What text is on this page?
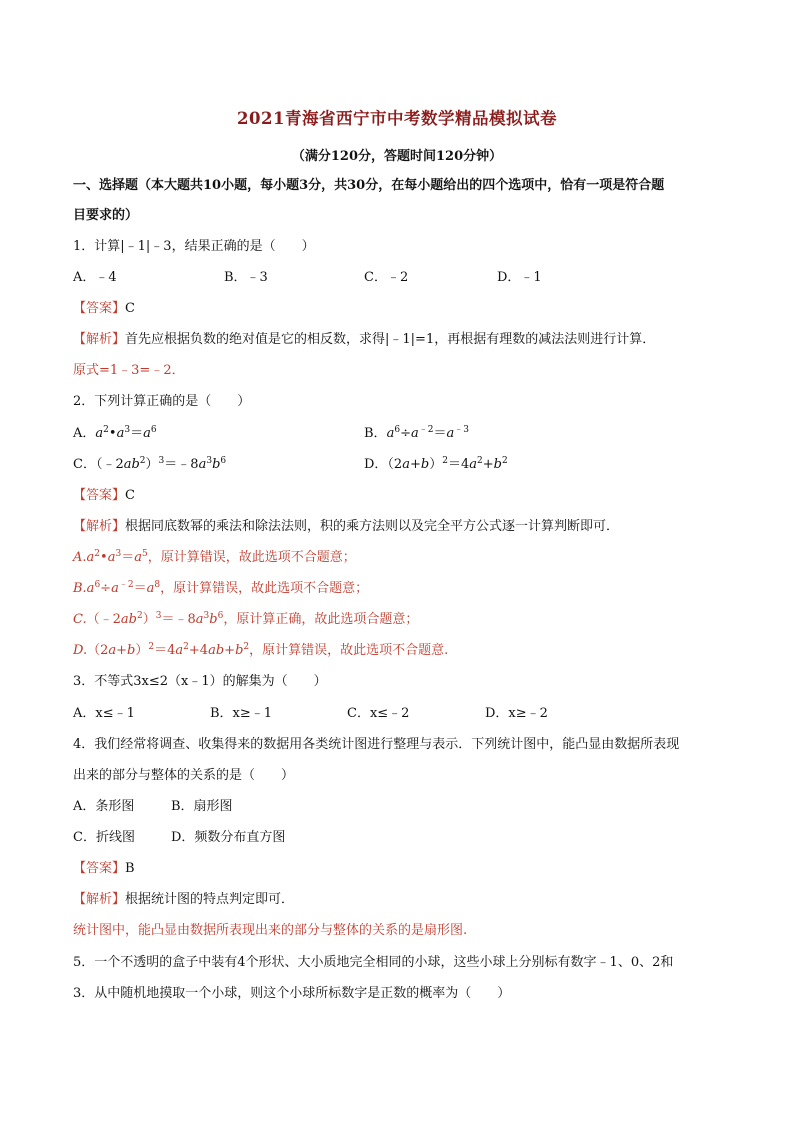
2021青海省西宁市中考数学精品模拟试卷
（满分120分，答题时间120分钟）
一、选择题（本大题共10小题，每小题3分，共30分，在每小题给出的四个选项中，恰有一项是符合题
目要求的）
1．计算|﹣1|﹣3，结果正确的是（　　）
A．﹣4	B．﹣3	C．﹣2	D．﹣1
【答案】C
【解析】首先应根据负数的绝对值是它的相反数，求得|﹣1|=1，再根据有理数的减法法则进行计算．
原式=1﹣3=﹣2．
2．下列计算正确的是（　　）
A．$a^2•a^3=a^6$	B．$a^6\div a^{﹣2}=a^{﹣3}$
C．$(﹣2ab^2)^3=﹣8a^3b^6$	D．$(2a+b)^2=4a^2+b^2$
【答案】C
【解析】根据同底数幂的乘法和除法法则，积的乘方法则以及完全平方公式逐一计算判断即可．
$A.a^2•a^3=a^5$，原计算错误，故此选项不合题意；
$B.a^6\div a^{﹣2}=a^8$，原计算错误，故此选项不合题意；
$C.(﹣2ab^2)^3=﹣8a^3b^6$，原计算正确，故此选项合题意；
$D.(2a+b)^2=4a^2+4ab+b^2$，原计算错误，故此选项不合题意.
3．不等式3x≤2（x﹣1）的解集为（　　）
A．x≤﹣1	B．x≥﹣1	C．x≤﹣2	D．x≥﹣2
4．我们经常将调查、收集得来的数据用各类统计图进行整理与表示．下列统计图中，能凸显由数据所表现
出来的部分与整体的关系的是（　　）
A．条形图	B．扇形图
C．折线图	D．频数分布直方图
【答案】B
【解析】根据统计图的特点判定即可．
统计图中，能凸显由数据所表现出来的部分与整体的关系的是扇形图.
5．一个不透明的盒子中装有4个形状、大小质地完全相同的小球，这些小球上分别标有数字﹣1、0、2和
3．从中随机地摸取一个小球，则这个小球所标数字是正数的概率为（　　）
